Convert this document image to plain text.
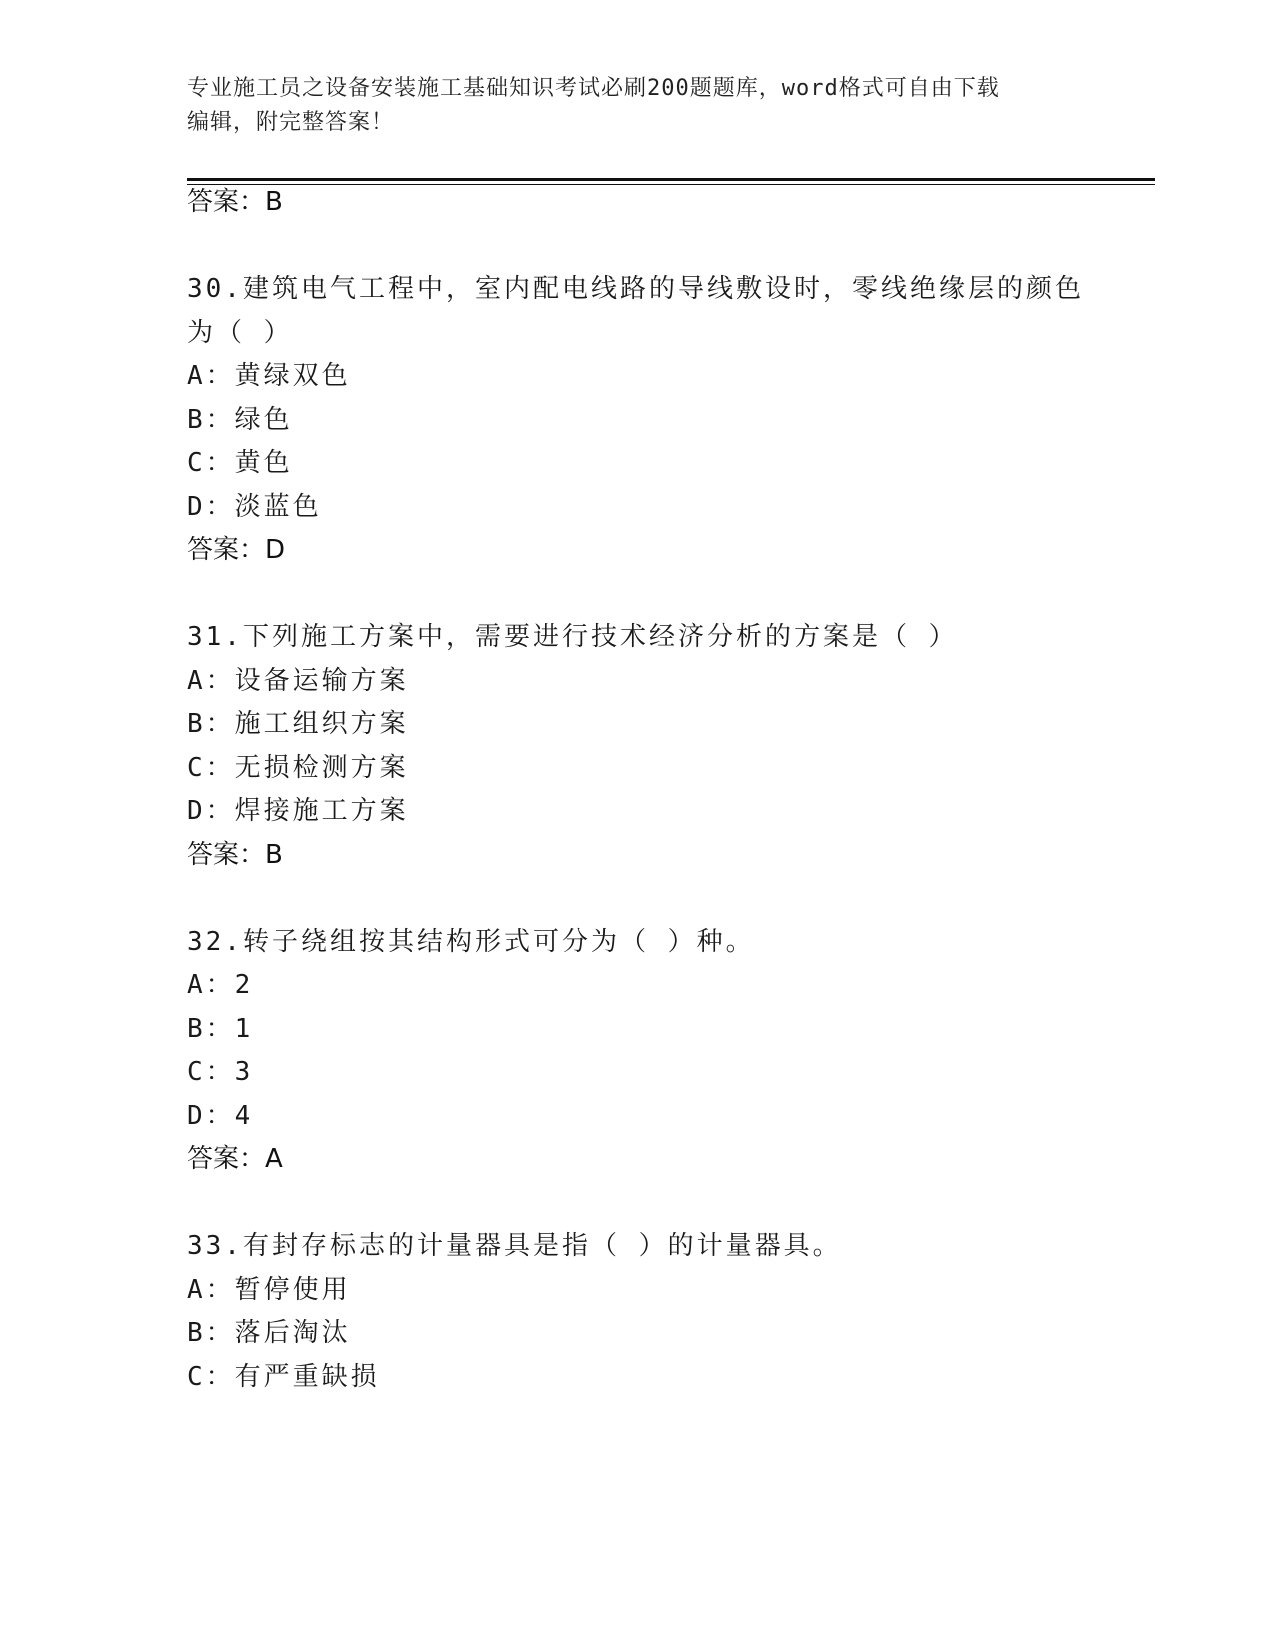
专业施工员之设备安装施工基础知识考试必刷200题题库，word格式可自由下载
编辑，附完整答案！
答案：B
30.建筑电气工程中，室内配电线路的导线敷设时，零线绝缘层的颜色
为（ ）
A：黄绿双色
B：绿色
C：黄色
D：淡蓝色
答案：D
31.下列施工方案中，需要进行技术经济分析的方案是（ ）
A：设备运输方案
B：施工组织方案
C：无损检测方案
D：焊接施工方案
答案：B
32.转子绕组按其结构形式可分为（ ）种。
A：2
B：1
C：3
D：4
答案：A
33.有封存标志的计量器具是指（ ）的计量器具。
A：暂停使用
B：落后淘汰
C：有严重缺损
